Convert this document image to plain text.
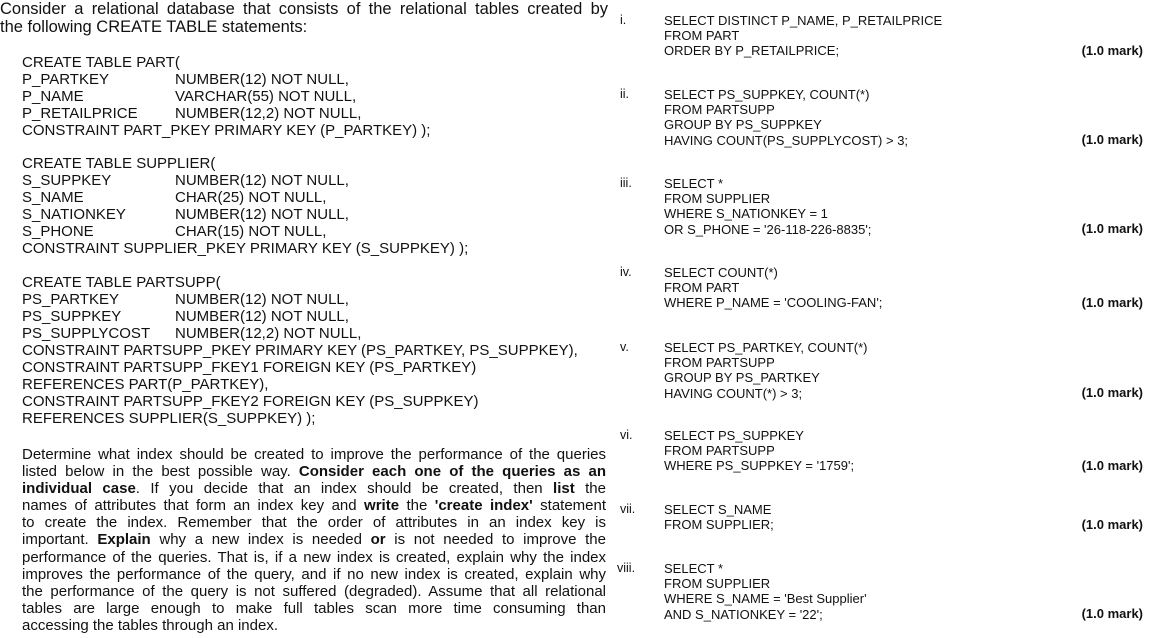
Consider a relational database that consists of the relational tables created by
the following CREATE TABLE statements:
CREATE TABLE PART(
P_PARTKEY	NUMBER(12) NOT NULL,
P_NAME	VARCHAR(55) NOT NULL,
P_RETAILPRICE NUMBER(12,2) NOT NULL,
CONSTRAINT PART_PKEY PRIMARY KEY (P_PARTKEY) );
CREATE TABLE SUPPLIER(
S_SUPPKEY	NUMBER(12) NOT NULL,
S_NAME	CHAR(25) NOT NULL,
S_NATIONKEY	NUMBER(12) NOT NULL,
S_PHONE	CHAR(15) NOT NULL,
CONSTRAINT SUPPLIER_PKEY PRIMARY KEY (S_SUPPKEY) );
CREATE TABLE PARTSUPP(
PS_PARTKEY	NUMBER(12) NOT NULL,
PS_SUPPKEY	NUMBER(12) NOT NULL,
PS_SUPPLYCOST NUMBER(12,2) NOT NULL,
CONSTRAINT PARTSUPP_PKEY PRIMARY KEY (PS_PARTKEY, PS_SUPPKEY),
CONSTRAINT PARTSUPP_FKEY1 FOREIGN KEY (PS_PARTKEY)
REFERENCES PART(P_PARTKEY),
CONSTRAINT PARTSUPP_FKEY2 FOREIGN KEY (PS_SUPPKEY)
REFERENCES SUPPLIER(S_SUPPKEY) );
Determine what index should be created to improve the performance of the queries
listed below in the best possible way. Consider each one of the queries as an
individual case. If you decide that an index should be created, then list the
names of attributes that form an index key and write the 'create index' statement
to create the index. Remember that the order of attributes in an index key is
important. Explain why a new index is needed or is not needed to improve the
performance of the queries. That is, if a new index is created, explain why the index
improves the performance of the query, and if no new index is created, explain why
the performance of the query is not suffered (degraded). Assume that all relational
tables are large enough to make full tables scan more time consuming than
accessing the tables through an index.
i.	SELECT DISTINCT P_NAME, P_RETAILPRICE
FROM PART
ORDER BY P_RETAILPRICE;	(1.0 mark)
ii.	SELECT PS_SUPPKEY, COUNT(*)
FROM PARTSUPP
GROUP BY PS_SUPPKEY
HAVING COUNT(PS_SUPPLYCOST) > 3;	(1.0 mark)
iii.	SELECT *
FROM SUPPLIER
WHERE S_NATIONKEY = 1
OR S_PHONE = '26-118-226-8835';	(1.0 mark)
iv.	SELECT COUNT(*)
FROM PART
WHERE P_NAME = 'COOLING-FAN';	(1.0 mark)
v.	SELECT PS_PARTKEY, COUNT(*)
FROM PARTSUPP
GROUP BY PS_PARTKEY
HAVING COUNT(*) > 3;	(1.0 mark)
vi.	SELECT PS_SUPPKEY
FROM PARTSUPP
WHERE PS_SUPPKEY = '1759';	(1.0 mark)
vii.	SELECT S_NAME
FROM SUPPLIER;	(1.0 mark)
viii.	SELECT *
FROM SUPPLIER
WHERE S_NAME = 'Best Supplier'
AND S_NATIONKEY = '22';	(1.0 mark)
